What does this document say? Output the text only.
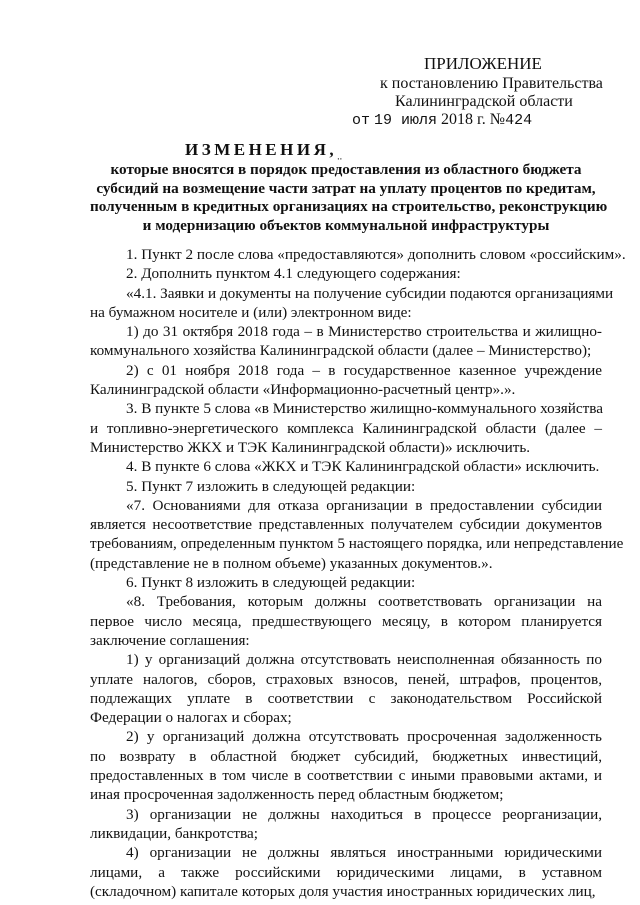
ПРИЛОЖЕНИЕ
к постановлению Правительства
Калининградской области
от 19 июля 2018 г. №424
$ИЗМЕНЕНИЯ,_{..}$
которые вносятся в порядок предоставления из областного бюджета
субсидий на возмещение части затрат на уплату процентов по кредитам,
полученным в кредитных организациях на строительство, реконструкцию
и модернизацию объектов коммунальной инфраструктуры
1. Пункт 2 после слова «предоставляются» дополнить словом «российским».
2. Дополнить пунктом 4.1 следующего содержания:
«4.1. Заявки и документы на получение субсидии подаются организациями
на бумажном носителе и (или) электронном виде:
1) до 31 октября 2018 года – в Министерство строительства и жилищно-
коммунального хозяйства Калининградской области (далее – Министерство);
2) с 01 ноября 2018 года – в государственное казенное учреждение
Калининградской области «Информационно-расчетный центр».».
3. В пункте 5 слова «в Министерство жилищно-коммунального хозяйства
и топливно-энергетического комплекса Калининградской области (далее –
Министерство ЖКХ и ТЭК Калининградской области)» исключить.
4. В пункте 6 слова «ЖКХ и ТЭК Калининградской области» исключить.
5. Пункт 7 изложить в следующей редакции:
«7. Основаниями для отказа организации в предоставлении субсидии
является несоответствие представленных получателем субсидии документов
требованиям, определенным пунктом 5 настоящего порядка, или непредставление
(представление не в полном объеме) указанных документов.».
6. Пункт 8 изложить в следующей редакции:
«8. Требования, которым должны соответствовать организации на
первое число месяца, предшествующего месяцу, в котором планируется
заключение соглашения:
1) у организаций должна отсутствовать неисполненная обязанность по
уплате налогов, сборов, страховых взносов, пеней, штрафов, процентов,
подлежащих уплате в соответствии с законодательством Российской
Федерации о налогах и сборах;
2) у организаций должна отсутствовать просроченная задолженность
по возврату в областной бюджет субсидий, бюджетных инвестиций,
предоставленных в том числе в соответствии с иными правовыми актами, и
иная просроченная задолженность перед областным бюджетом;
3) организации не должны находиться в процессе реорганизации,
ликвидации, банкротства;
4) организации не должны являться иностранными юридическими
лицами, а также российскими юридическими лицами, в уставном
(складочном) капитале которых доля участия иностранных юридических лиц,
